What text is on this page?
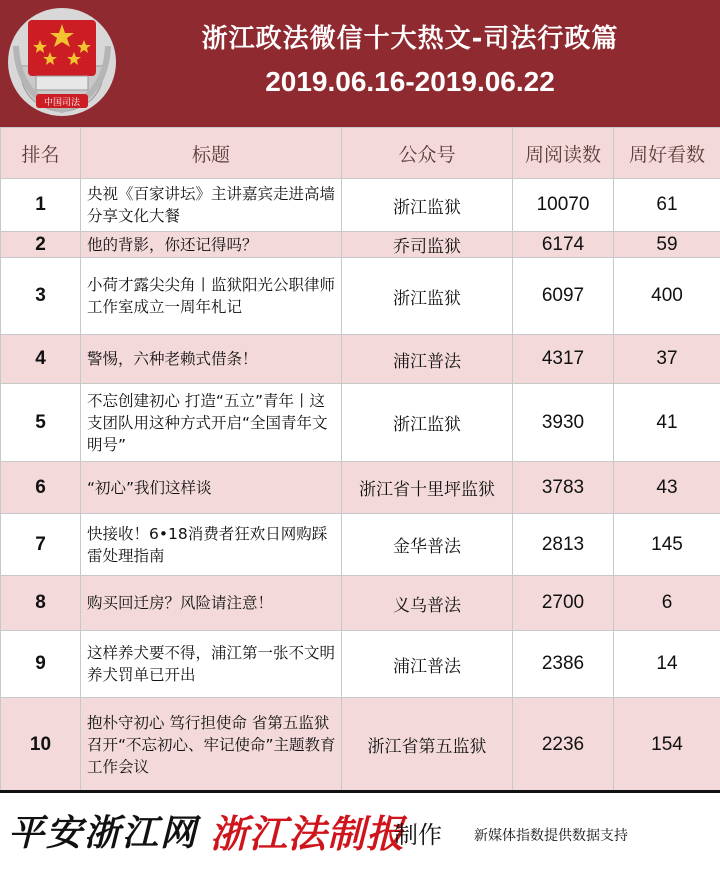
中国司法
浙江政法微信十大热文-司法行政篇
2019.06.16-2019.06.22
排名	标题	公众号	周阅读数	周好看数
1	央视《百家讲坛》主讲嘉宾走进高墙分享文化大餐	浙江监狱	10070	61
2	他的背影，你还记得吗？	乔司监狱	6174	59
3	小荷才露尖尖角丨监狱阳光公职律师工作室成立一周年札记	浙江监狱	6097	400
4	警惕，六种老赖式借条！	浦江普法	4317	37
5	不忘创建初心 打造“五立”青年丨这支团队用这种方式开启“全国青年文明号”	浙江监狱	3930	41
6	“初心”我们这样谈	浙江省十里坪监狱	3783	43
7	快接收！6•18消费者狂欢日网购踩雷处理指南	金华普法	2813	145
8	购买回迁房？风险请注意！	义乌普法	2700	6
9	这样养犬要不得，浦江第一张不文明养犬罚单已开出	浦江普法	2386	14
10	抱朴守初心 笃行担使命 省第五监狱召开“不忘初心、牢记使命”主题教育工作会议	浙江省第五监狱	2236	154
平安浙江网 浙江法制报
制作 新媒体指数提供数据支持
